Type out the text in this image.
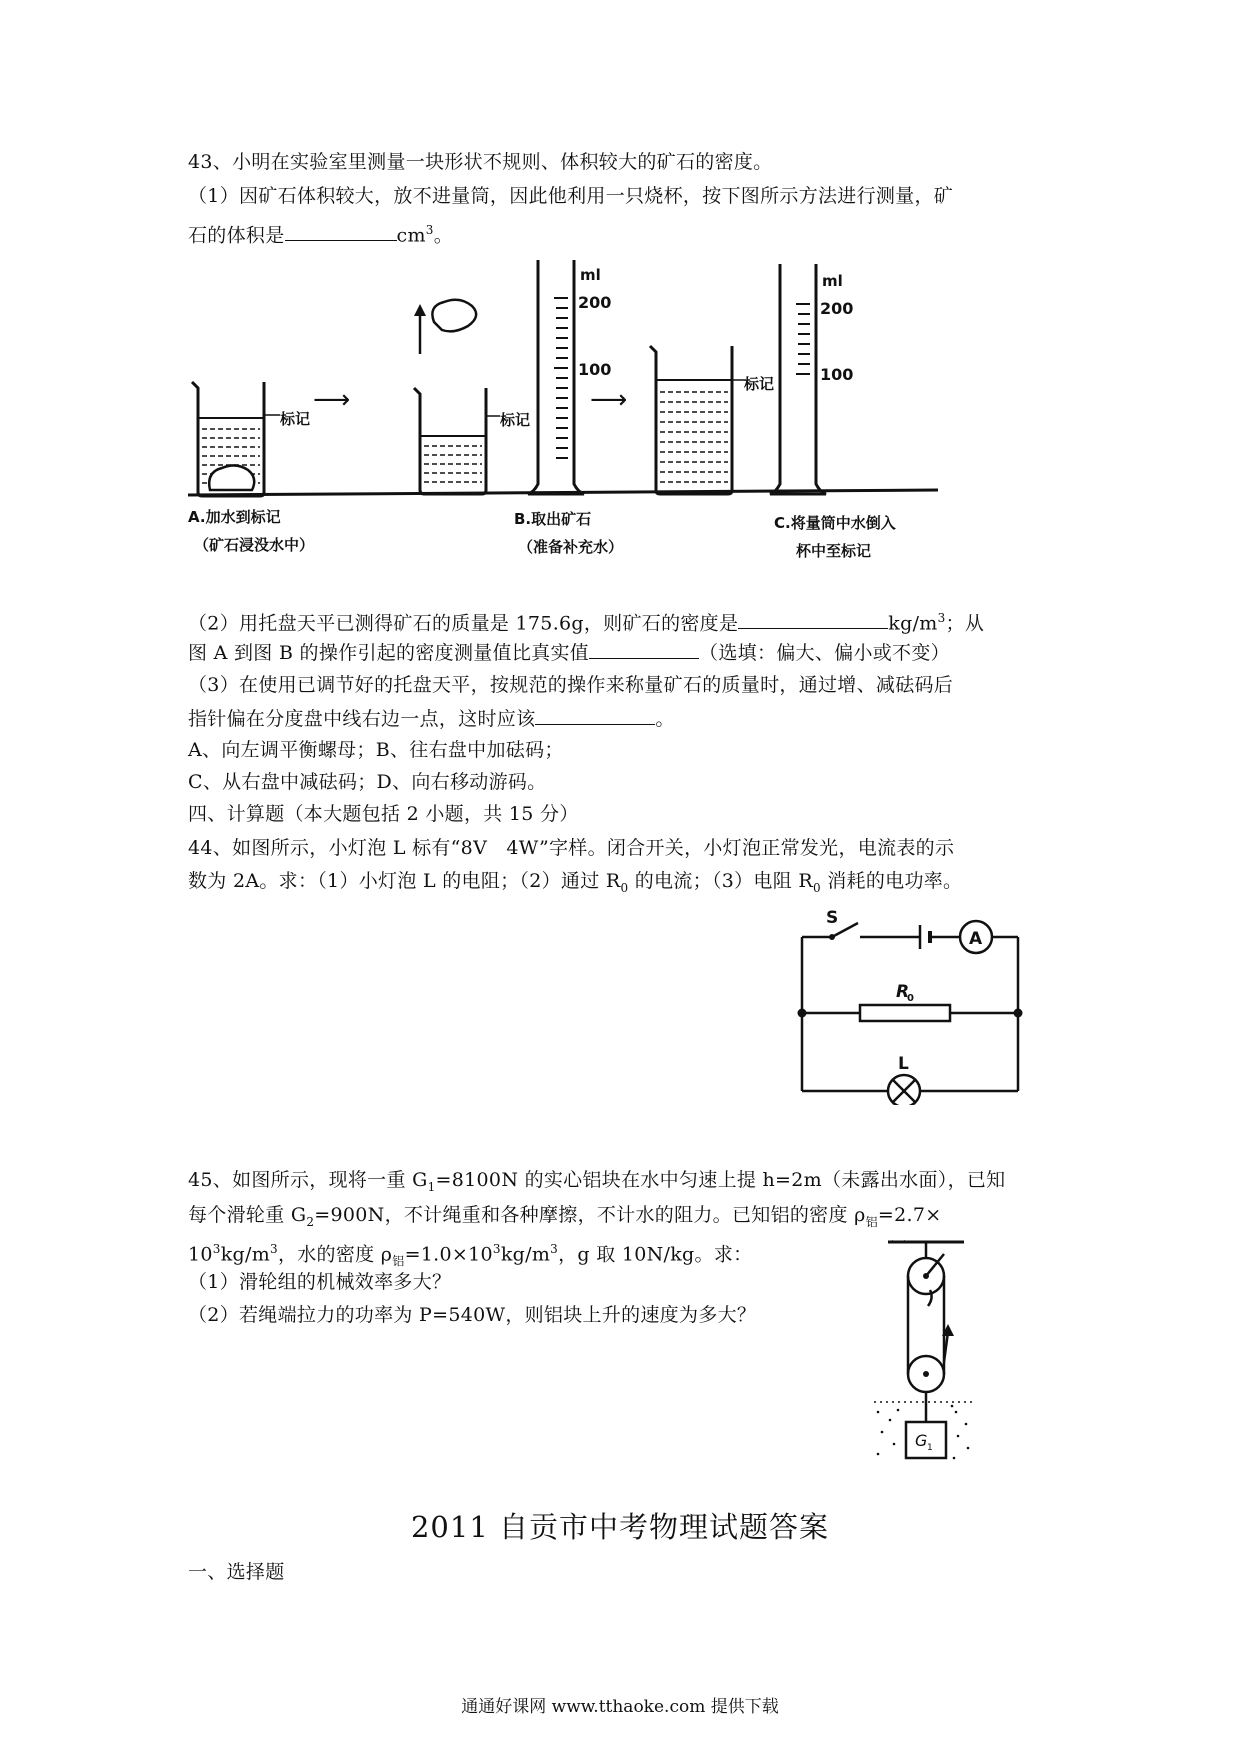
43、小明在实验室里测量一块形状不规则、体积较大的矿石的密度。
（1）因矿石体积较大，放不进量筒，因此他利用一只烧杯，按下图所示方法进行测量，矿
石的体积是	$cm^3$。
标记
⟶
标记
ml
200
100
⟶
标记
ml
200
100
A.加水到标记
（矿石浸没水中）
B.取出矿石
（准备补充水）
C.将量筒中水倒入
杯中至标记
（2）用托盘天平已测得矿石的质量是 175.6g，则矿石的密度是	$kg/m^3$；从
图 A 到图 B 的操作引起的密度测量值比真实值	（选填：偏大、偏小或不变）
（3）在使用已调节好的托盘天平，按规范的操作来称量矿石的质量时，通过增、减砝码后
指针偏在分度盘中线右边一点，这时应该	。
A、向左调平衡螺母；B、往右盘中加砝码；
C、从右盘中减砝码；D、向右移动游码。
四、计算题（本大题包括 2 小题，共 15 分）
44、如图所示，小灯泡 L 标有“8V　4W”字样。闭合开关，小灯泡正常发光，电流表的示
数为 2A。求：（1）小灯泡 L 的电阻；（2）通过 $R_0$ 的电流；（3）电阻 $R_0$ 消耗的电功率。
S
A
R
0
L
45、如图所示，现将一重 $G_1=8100N$ 的实心铝块在水中匀速上提 h=2m（未露出水面），已知
每个滑轮重 $G_2=900N$，不计绳重和各种摩擦，不计水的阻力。已知铝的密度 $\rho_铝=2.7\times$
$10^3kg/m^3$，水的密度 $\rho_铝=1.0\times 10^3kg/m^3$，g 取 10N/kg。求：
（1）滑轮组的机械效率多大？
（2）若绳端拉力的功率为 P=540W，则铝块上升的速度为多大？
G 1
2011 自贡市中考物理试题答案
一、选择题
通通好课网 www.tthaoke.com 提供下载
